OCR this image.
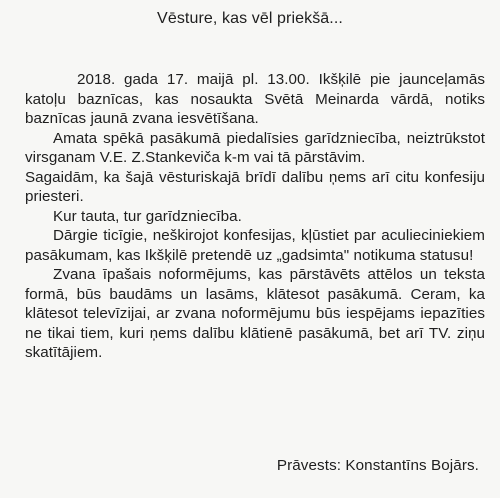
Vēsture, kas vēl priekšā...

2018. gada 17. maijā pl. 13.00. Ikšķilē pie jaunceļamās katoļu baznīcas, kas nosaukta Svētā Meinarda vārdā, notiks baznīcas jaunā zvana iesvētīšana.

Amata spēkā pasākumā piedalīsies garīdzniecība, neiztrūkstot virsganam V.E. Z.Stankeviča k-m vai tā pārstāvim.

Sagaidām, ka šajā vēsturiskajā brīdī dalību ņems arī citu konfesiju priesteri.

Kur tauta, tur garīdzniecība.

Dārgie ticīgie, neškirojot konfesijas, kļūstiet par aculieciniekiem pasākumam, kas Ikšķilē pretendē uz „gadsimta" notikuma statusu!

Zvana īpašais noformējums, kas pārstāvēts attēlos un teksta formā, būs baudāms un lasāms, klātesot pasākumā. Ceram, ka klātesot televīzijai, ar zvana noformējumu būs iespējams iepazīties ne tikai tiem, kuri ņems dalību klātienē pasākumā, bet arī TV. ziņu skatītājiem.

Prāvests: Konstantīns Bojārs.
